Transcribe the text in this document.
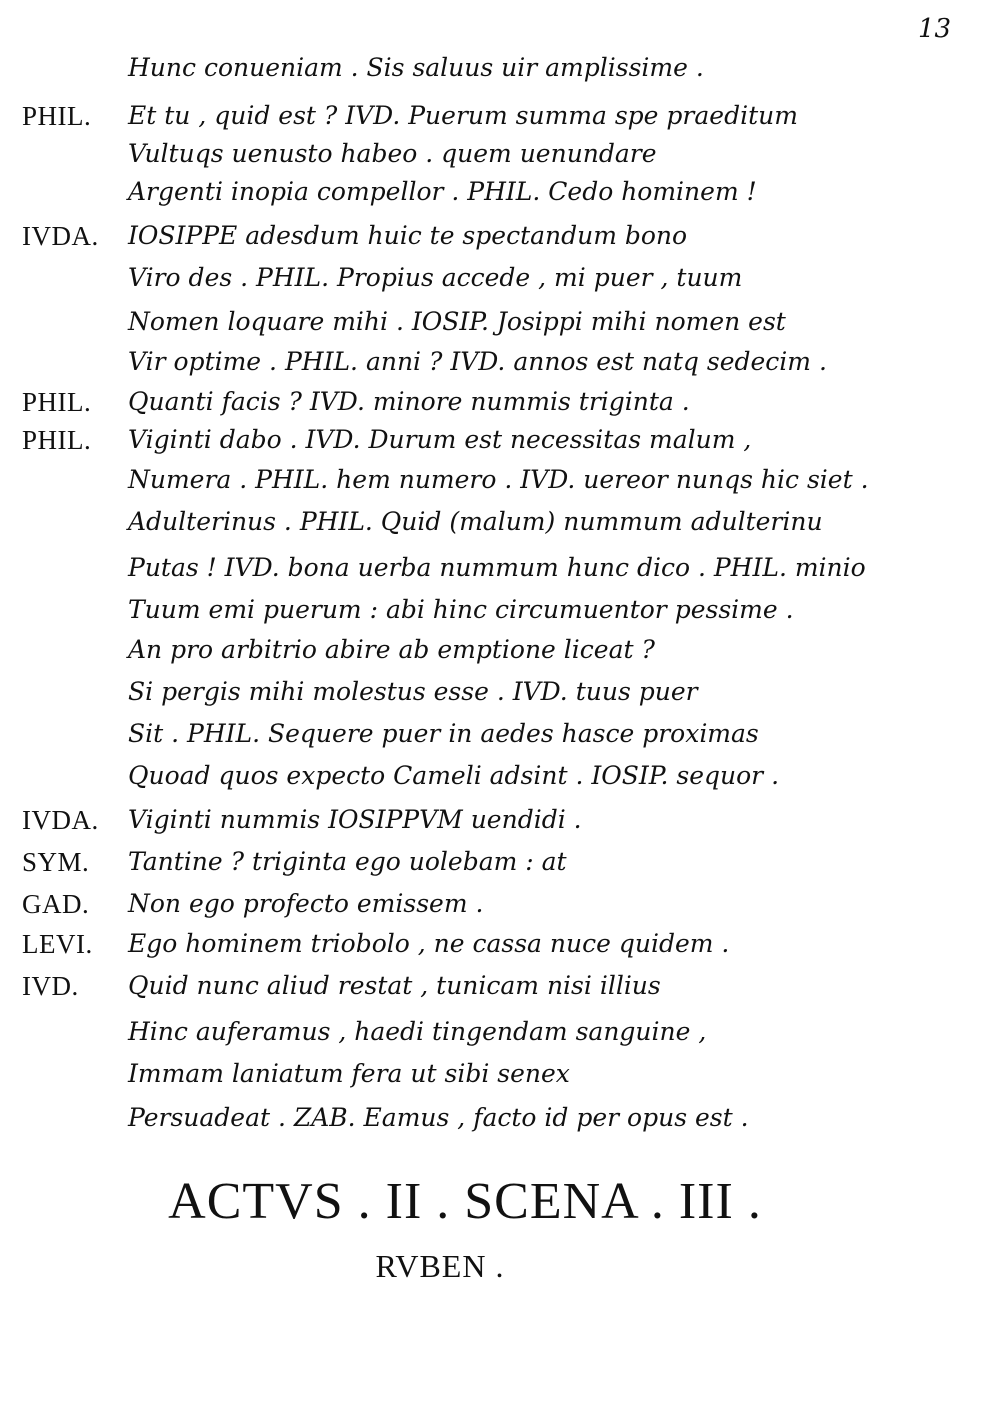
13
Hunc conueniam . Sis saluus uir amplissime .
PHIL. Et tu , quid est ? IVD. Puerum summa spe praeditum
Vultuqs uenusto habeo . quem uenundare
Argenti inopia compellor . PHIL. Cedo hominem !
IVDA. IOSIPPE adesdum huic te spectandum bono
Viro des . PHIL. Propius accede , mi puer , tuum
Nomen loquare mihi . IOSIP. Josippi mihi nomen est
Vir optime . PHIL. anni ? IVD. annos est natq sedecim .
PHIL. Quanti facis ? IVD. minore nummis triginta .
PHIL. Viginti dabo . IVD. Durum est necessitas malum ,
Numera . PHIL. hem numero . IVD. uereor nunqs hic siet .
Adulterinus . PHIL. Quid (malum) nummum adulterinu
Putas ! IVD. bona uerba nummum hunc dico . PHIL. minio
Tuum emi puerum : abi hinc circumuentor pessime .
An pro arbitrio abire ab emptione liceat ?
Si pergis mihi molestus esse . IVD. tuus puer
Sit . PHIL. Sequere puer in aedes hasce proximas
Quoad quos expecto Cameli adsint . IOSIP. sequor .
IVDA. Viginti nummis IOSIPPVM uendidi .
SYM. Tantine ? triginta ego uolebam : at
GAD. Non ego profecto emissem .
LEVI. Ego hominem triobolo , ne cassa nuce quidem .
IVD. Quid nunc aliud restat , tunicam nisi illius
Hinc auferamus , haedi tingendam sanguine ,
Immam laniatum fera ut sibi senex
Persuadeat . ZAB. Eamus , facto id per opus est .
ACTVS . II . SCENA . III .
RVBEN .
